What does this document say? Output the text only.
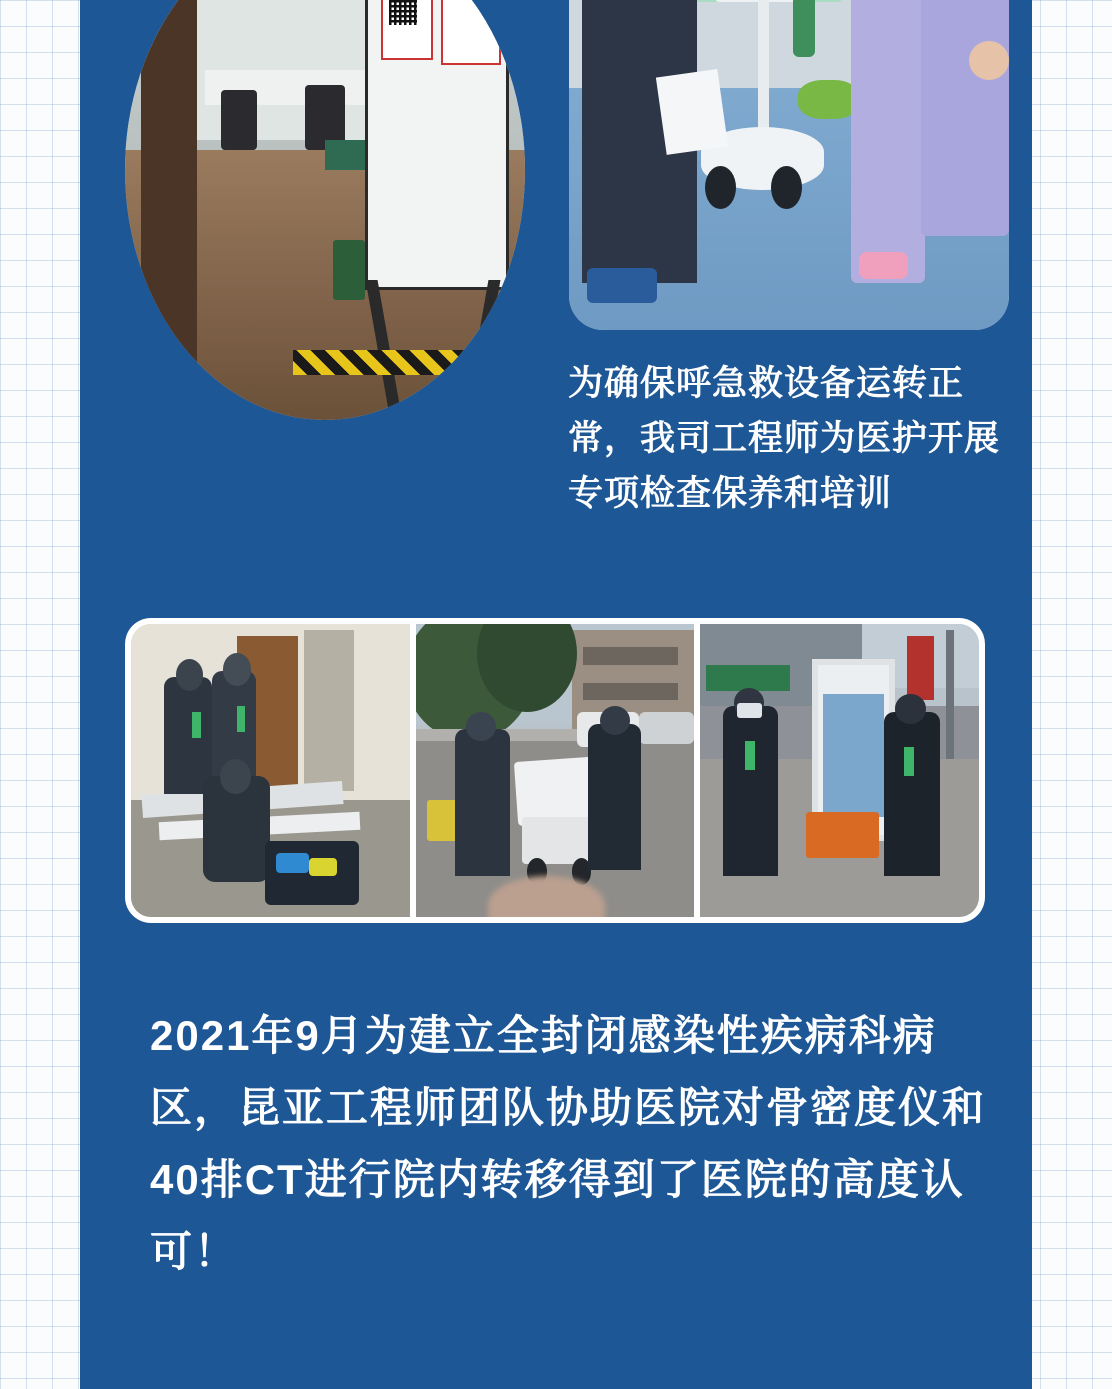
为确保呼急救设备运转正常，我司工程师为医护开展专项检查保养和培训
2021年9月为建立全封闭感染性疾病科病区，昆亚工程师团队协助医院对骨密度仪和40排CT进行院内转移得到了医院的高度认可！
